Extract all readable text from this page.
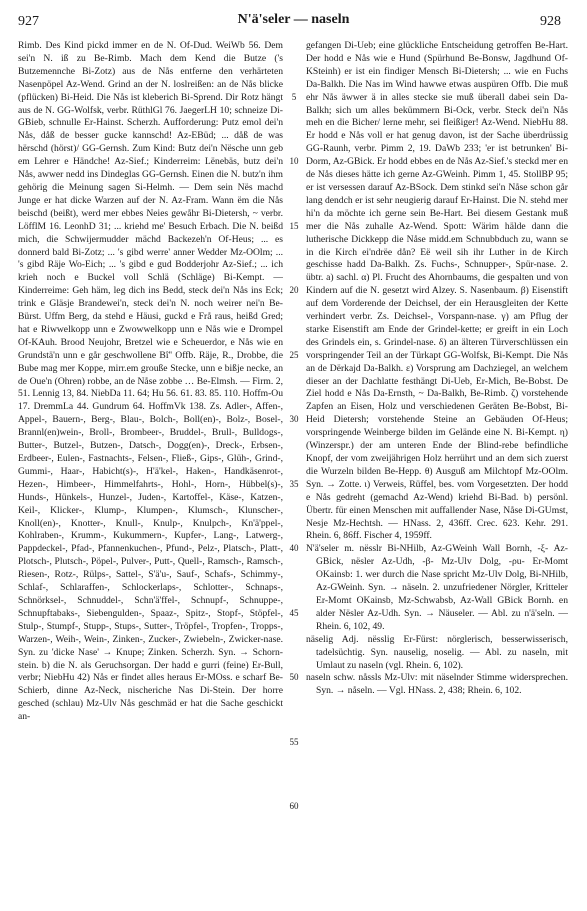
927	N'ä'seler — naseln	928

Rimb. Des Kind pickd immer en de N. Of-Dud. WeiWb 56. Dem sei'n N. iß zu Be-Rimb. Mach dem Kend die Butze ('s Butzemennche Bi-Zotz) aus de Nås entferne den verhärteten Nasenpöpel Az-Wend. Grind an der N. loslreißen: an de Nås blicke (pflücken) Bi-Heid. Die Nås ist kleberich Bi-Sprend. Dir Rotz hängt aus de N. GG-Wolfsk, verbr. RüthlGl 76. JaegerLH 10; schneize Di-GBieb, schnulle Er-Hainst. Scherzh. Aufforderung: Putz emol dei'n Nås, dåß de besser gucke kannschd! Az-EBüd; ... dåß de was hërschd (hörst)/ GG-Gernsh. Zum Kind: Butz dei'n Nësche unn geb em Lehrer e Händche! Az-Sief.; Kinderreim: Lënebäs, butz dei'n Nås, awwer nedd ins Dindeglas GG-Gernsh. Einen die N. butz'n ihm gehörig die Meinung sagen Si-Helmh. — Dem sein Nës machd Junge er hat dicke Warzen auf der N. Az-Fram. Wann ëm die Nås beischd (beißt), werd mer ebbes Neies gewåhr Bi-Dietersh, ~ verbr. LöfflM 16. LeonhD 31; ... kriehd me' Besuch Erbach. Die N. beißd mich, die Schwijermudder mächd Backezeh'n Of-Heus; ... es donnerd bald Bi-Zotz; ... 's gibd werre' anner Wedder Mz-OOlm; ... 's gibd Räje Wo-Eich; ... 's gibd e gud Bodderjohr Az-Sief.; ... ich krieh noch e Buckel voll Schlä (Schläge) Bi-Kempt. — Kinderreime: Geh häm, leg dich ins Bedd, steck dei'n Nås ins Eck; trink e Gläsje Brandewei'n, steck dei'n N. noch weirer nei'n Be-Bürst. Uffm Berg, da stehd e Häusi, guckd e Frå raus, heißd Gred; hat e Riwwelkopp unn e Zwowwelkopp unn e Nås wie e Drompel Of-KAuh. Brood Neujohr, Bretzel wie e Scheuerdor, e Nås wie en Grundstä'n unn e går geschwollene Bî'' Offb. Räje, R., Drobbe, die Bube mag mer Koppe, mirr.em grouße Stecke, unn e bißje necke, an de Oue'n (Ohren) robbe, an de Nåse zobbe … Be-Elmsh. — Firm. 2, 51. Lennig 13, 84. NiebDa 11. 64; Hu 56. 61. 83. 85. 110. Hoffm-Ou 17. DremmLa 44. Gundrum 64. HoffmVk 138. Zs. Adler-, Affen-, Appel-, Bauern-, Berg-, Blau-, Bolch-, Boll(en)-, Bolz-, Bosel-, Brannl(en)wein-, Broll-, Brombeer-, Bruddel-, Brull-, Bulldogs-, Butter-, Butzel-, Butzen-, Datsch-, Dogg(en)-, Dreck-, Erbsen-, Erdbeer-, Eulen-, Fastnachts-, Felsen-, Fließ-, Gips-, Glüh-, Grind-, Gummi-, Haar-, Habicht(s)-, H'ä'kel-, Haken-, Handkäsenrot-, Hezen-, Himbeer-, Himmelfahrts-, Hohl-, Horn-, Hübbel(s)-, Hunds-, Hünkels-, Hunzel-, Juden-, Kartoffel-, Käse-, Katzen-, Keil-, Klicker-, Klump-, Klumpen-, Klumsch-, Klunscher-, Knoll(en)-, Knotter-, Knull-, Knulp-, Knulpch-, Kn'ä'ppel-, Kohlraben-, Krumm-, Kukummern-, Kupfer-, Lang-, Latwerg-, Pappdeckel-, Pfad-, Pfannenkuchen-, Pfund-, Pelz-, Platsch-, Platt-, Plotsch-, Plutsch-, Pöpel-, Pulver-, Putt-, Quell-, Ramsch-, Ramsch-, Riesen-, Rotz-, Rülps-, Sattel-, S'ä'u-, Sauf-, Schafs-, Schimmy-, Schlaf-, Schlaraffen-, Schlockerlaps-, Schlotter-, Schnaps-, Schnörksel-, Schnuddel-, Schn'ä'ffel-, Schnupf-, Schnuppe-, Schnupftabaks-, Siebengulden-, Spaaz-, Spitz-, Stopf-, Stöpfel-, Stulp-, Stumpf-, Stupp-, Stups-, Sutter-, Tröpfel-, Tropfen-, Tropps-, Warzen-, Weih-, Wein-, Zinken-, Zucker-, Zwiebeln-, Zwicker-nase. Syn. zu 'dicke Nase' → Knupe; Zinken. Scherzh. Syn. → Schorn-stein. b) die N. als Geruchsorgan. Der hadd e gurri (feine) Er-Bull, verbr; NiebHu 42) Nås er findet alles heraus Er-MOss. e scharf Be-Schierb, dinne Az-Neck, nischeriche Nas Di-Stein. Der horre gesched (schlau) Mz-Ulv Nås geschmäd er hat die Sache geschickt an-

5
10
15
20
25
30
35
40
45
50
55
60

gefangen Di-Ueb; eine glückliche Entscheidung getroffen Be-Hart. Der hodd e Nås wie e Hund (Spürhund Be-Bonsw, Jagdhund Of-KSteinh) er ist ein findiger Mensch Bi-Dietersh; ... wie en Fuchs Da-Balkh. Die Nas im Wind hawwe etwas auspüren Offb. Die muß ehr Nås äwwer ä in alles stecke sie muß überall dabei sein Da-Balkh; sich um alles bekümmern Bi-Ock, verbr. Steck dei'n Nås meh en die Bicher/ lerne mehr, sei fleißiger! Az-Wend. NiebHu 88. Er hodd e Nås voll er hat genug davon, ist der Sache überdrüssig GG-Raunh, verbr. Pimm 2, 19. DaWb 233; 'er ist betrunken' Bi-Dorm, Az-GBick. Er hodd ebbes en de Nås Az-Sief.'s steckd mer en de Nås dieses hätte ich gerne Az-GWeinh. Pimm 1, 45. StollBP 95; er ist versessen darauf Az-BSock. Dem stinkd sei'n Nåse schon går lang dendch er ist sehr neugierig darauf Er-Hainst. Die N. stehd mer hi'n da möchte ich gerne sein Be-Hart. Bei diesem Gestank muß mer die Nås zuhalle Az-Wend. Spott: Wärim hälde dann die lutherische Dickkepp die Nåse midd.em Schnubbduch zu, wann se in die Kirch ei'ndrëe dån? Eë weil sih ihr Luther in de Kirch geschisse hadd Da-Balkh. Zs. Fuchs-, Schnupper-, Spür-nase. 2. übtr. a) sachl. α) Pl. Frucht des Ahornbaums, die gespalten und von Kindern auf die N. gesetzt wird Alzey. S. Nasenbaum. β) Eisenstift auf dem Vorderende der Deichsel, der ein Herausgleiten der Kette verhindert verbr. Zs. Deichsel-, Vorspann-nase. γ) am Pflug der starke Eisenstift am Ende der Grindel-kette; er greift in ein Loch des Grindels ein, s. Grindel-nase. δ) an älteren Türverschlüssen ein vorspringender Teil an der Türkapt GG-Wolfsk, Bi-Kempt. Die Nås an de Dërkajd Da-Balkh. ε) Vorsprung am Dachziegel, an welchem dieser an der Dachlatte festhängt Di-Ueb, Er-Mich, Be-Bobst. De Ziel hodd e Nås Da-Ernsth, ~ Da-Balkh, Be-Rimb. ζ) vorstehende Zapfen an Eisen, Holz und verschiedenen Geräten Be-Bobst, Bi-Heid Dietersh; vorstehende Steine an Gebäuden Of-Heus; vorspringende Weinberge bilden im Gelände eine N. Bi-Kempt. η) (Winzerspr.) der am unteren Ende der Blind-rebe befindliche Knopf, der vom zweijährigen Holz herrührt und an dem sich zuerst die Wurzeln bilden Be-Hepp. θ) Ausguß am Milchtopf Mz-OOlm. Syn. → Zotte. ι) Verweis, Rüffel, bes. vom Vorgesetzten. Der hodd e Nås gedreht (gemachd Az-Wend) kriehd Bi-Bad. b) persönl. Übertr. für einen Menschen mit auffallender Nase, Nåse Di-GUmst, Nesje Mz-Hechtsh. — HNass. 2, 436ff. Crec. 623. Kehr. 291. Rhein. 6, 86ff. Fischer 4, 1959ff.

N'ä'seler m. nësslr Bi-NHilb, Az-GWeinh Wall Bornh, -ξ- Az-GBick, nësler Az-Udh, -β- Mz-Ulv Dolg, -ρu- Er-Momt OKainsb: 1. wer durch die Nase spricht Mz-Ulv Dolg, Bi-NHilb, Az-GWeinh. Syn. → näseln. 2. unzufriedener Nörgler, Kritteler Er-Momt OKainsb, Mz-Schwabsb, Az-Wall GBick Bornh. en alder Nësler Az-Udh. Syn. → Näuseler. — Abl. zu n'ä'seln. — Rhein. 6, 102, 49.

näselig Adj. nësslig Er-Fürst: nörglerisch, besserwisserisch, tadelsüchtig. Syn. nauselig, noselig. — Abl. zu naseln, mit Umlaut zu naseln (vgl. Rhein. 6, 102).

naseln schw. nåssls Mz-Ulv: mit näselnder Stimme widersprechen. Syn. → nåseln. — Vgl. HNass. 2, 438; Rhein. 6, 102.
